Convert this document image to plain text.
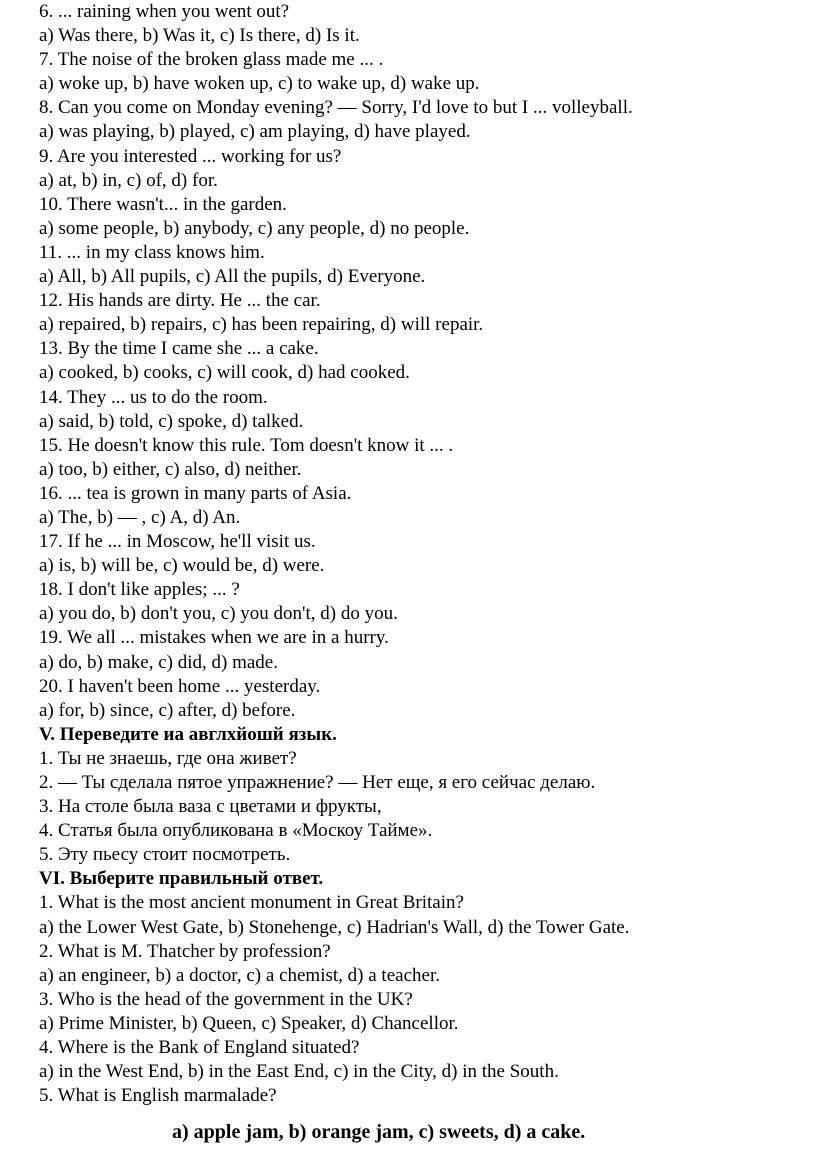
6. ... raining when you went out?
a) Was there, b) Was it, c) Is there, d) Is it.
7. The noise of the broken glass made me ... .
a) woke up, b) have woken up, c) to wake up, d) wake up.
8. Can you come on Monday evening? — Sorry, I'd love to but I ... volleyball.
a) was playing, b) played, c) am playing, d) have played.
9. Are you interested ... working for us?
a) at, b) in, c) of, d) for.
10. There wasn't... in the garden.
a) some people, b) anybody, c) any people, d) no people.
11. ... in my class knows him.
a) All, b) All pupils, c) All the pupils, d) Everyone.
12. His hands are dirty. He ... the car.
a) repaired, b) repairs, c) has been repairing, d) will repair.
13. By the time I came she ... a cake.
a) cooked, b) cooks, c) will cook, d) had cooked.
14. They ... us to do the room.
a) said, b) told, c) spoke, d) talked.
15. He doesn't know this rule. Tom doesn't know it ... .
a) too, b) either, c) also, d) neither.
16. ... tea is grown in many parts of Asia.
a) The, b) — , c) A, d) An.
17. If he ... in Moscow, he'll visit us.
a) is, b) will be, c) would be, d) were.
18. I don't like apples; ... ?
a) you do, b) don't you, c) you don't, d) do you.
19. We all ... mistakes when we are in a hurry.
a) do, b) make, c) did, d) made.
20. I haven't been home ... yesterday.
a) for, b) since, c) after, d) before.
V. Переведите иа авглхйошй язык.
1. Ты не знаешь, где она живет?
2. — Ты сделала пятое упражнение? — Нет еще, я его сейчас делаю.
3. На столе была ваза с цветами и фрукты,
4. Статья была опубликована в «Москоу Тайме».
5. Эту пьесу стоит посмотреть.
VI. Выберите правильный ответ.
1. What is the most ancient monument in Great Britain?
a) the Lower West Gate, b) Stonehenge, c) Hadrian's Wall, d) the Tower Gate.
2. What is M. Thatcher by profession?
a) an engineer, b) a doctor, c) a chemist, d) a teacher.
3. Who is the head of the government in the UK?
a) Prime Minister, b) Queen, c) Speaker, d) Chancellor.
4. Where is the Bank of England situated?
a) in the West End, b) in the East End, c) in the City, d) in the South.
5. What is English marmalade?
a) apple jam, b) orange jam, c) sweets, d) a cake.
